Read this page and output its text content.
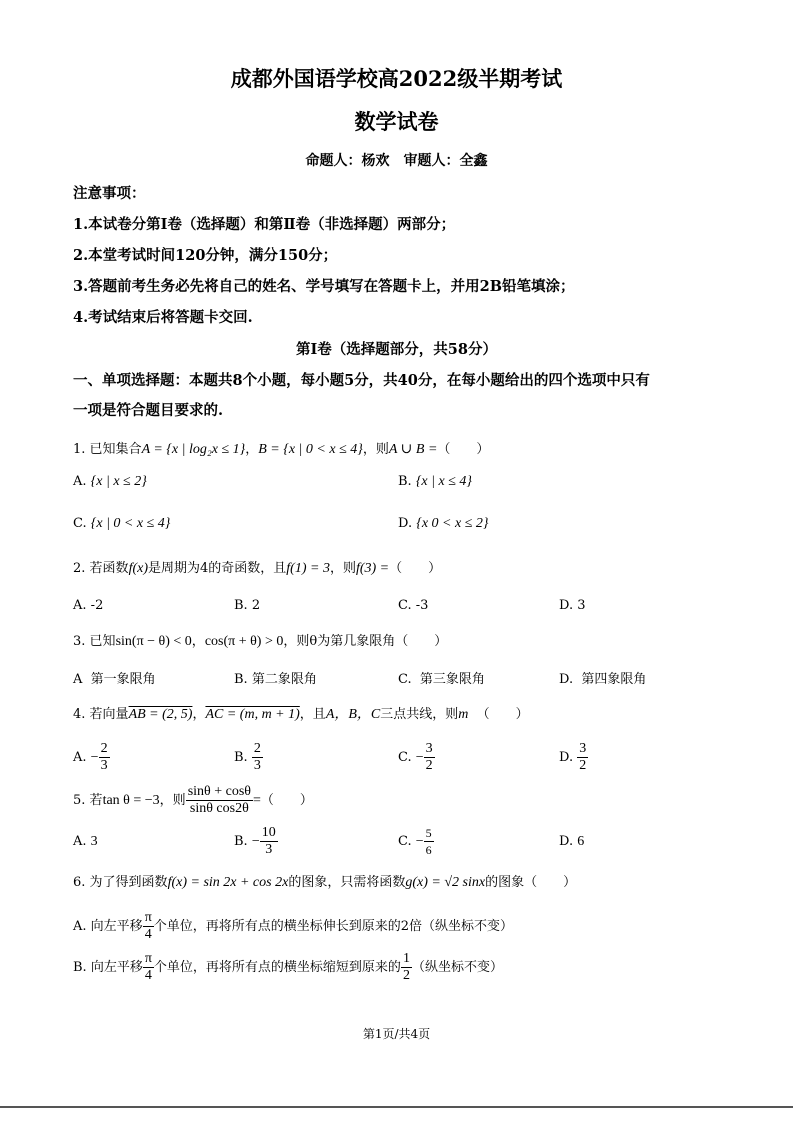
成都外国语学校高2022级半期考试
数学试卷
命题人：杨欢　审题人：全鑫
注意事项：
1.本试卷分第Ⅰ卷（选择题）和第Ⅱ卷（非选择题）两部分；
2.本堂考试时间120分钟，满分150分；
3.答题前考生务必先将自己的姓名、学号填写在答题卡上，并用2B铅笔填涂；
4.考试结束后将答题卡交回.
第Ⅰ卷（选择题部分，共58分）
一、单项选择题：本题共8个小题，每小题5分，共40分，在每小题给出的四个选项中只有
一项是符合题目要求的.
1. 已知集合A = {x | log₂x ≤ 1}，B = {x | 0 < x ≤ 4}，则A ∪ B =（　　）
A. {x | x ≤ 2}	B. {x | x ≤ 4}
C. {x | 0 < x ≤ 4}	D. {x 0 < x ≤ 2}
2. 若函数f(x)是周期为4的奇函数，且f(1) = 3，则f(3) =（　　）
A. -2	B. 2	C. -3	D. 3
3. 已知sin(π − θ) < 0，cos(π + θ) > 0，则θ为第几象限角（　　）
A 第一象限角	B. 第二象限角	C. 第三象限角	D. 第四象限角
4. 若向量AB = (2, 5)，AC = (m, m + 1)，且A，B，C三点共线，则m （　　）
A. − $\frac{2}{3}$	B. $\frac{2}{3}$	C. − $\frac{3}{2}$	D. $\frac{3}{2}$
5. 若tan θ = −3，则 $\frac{\sin\theta + \cos\theta}{\text{sinθ cos2θ}}$ =（　　）
A. 3	B. − $\frac{10}{3}$	C. − $\frac{5}{6}$	D. 6
6. 为了得到函数f(x) = sin 2x + cos 2x的图象，只需将函数g(x) = √2 sinx的图象（　　）
A. 向左平移 $\frac{\pi}{4}$ 个单位，再将所有点的横坐标伸长到原来的2倍（纵坐标不变）
B. 向左平移 $\frac{\pi}{4}$ 个单位，再将所有点的横坐标缩短到原来的 $\frac{1}{2}$ （纵坐标不变）
第1页/共4页
